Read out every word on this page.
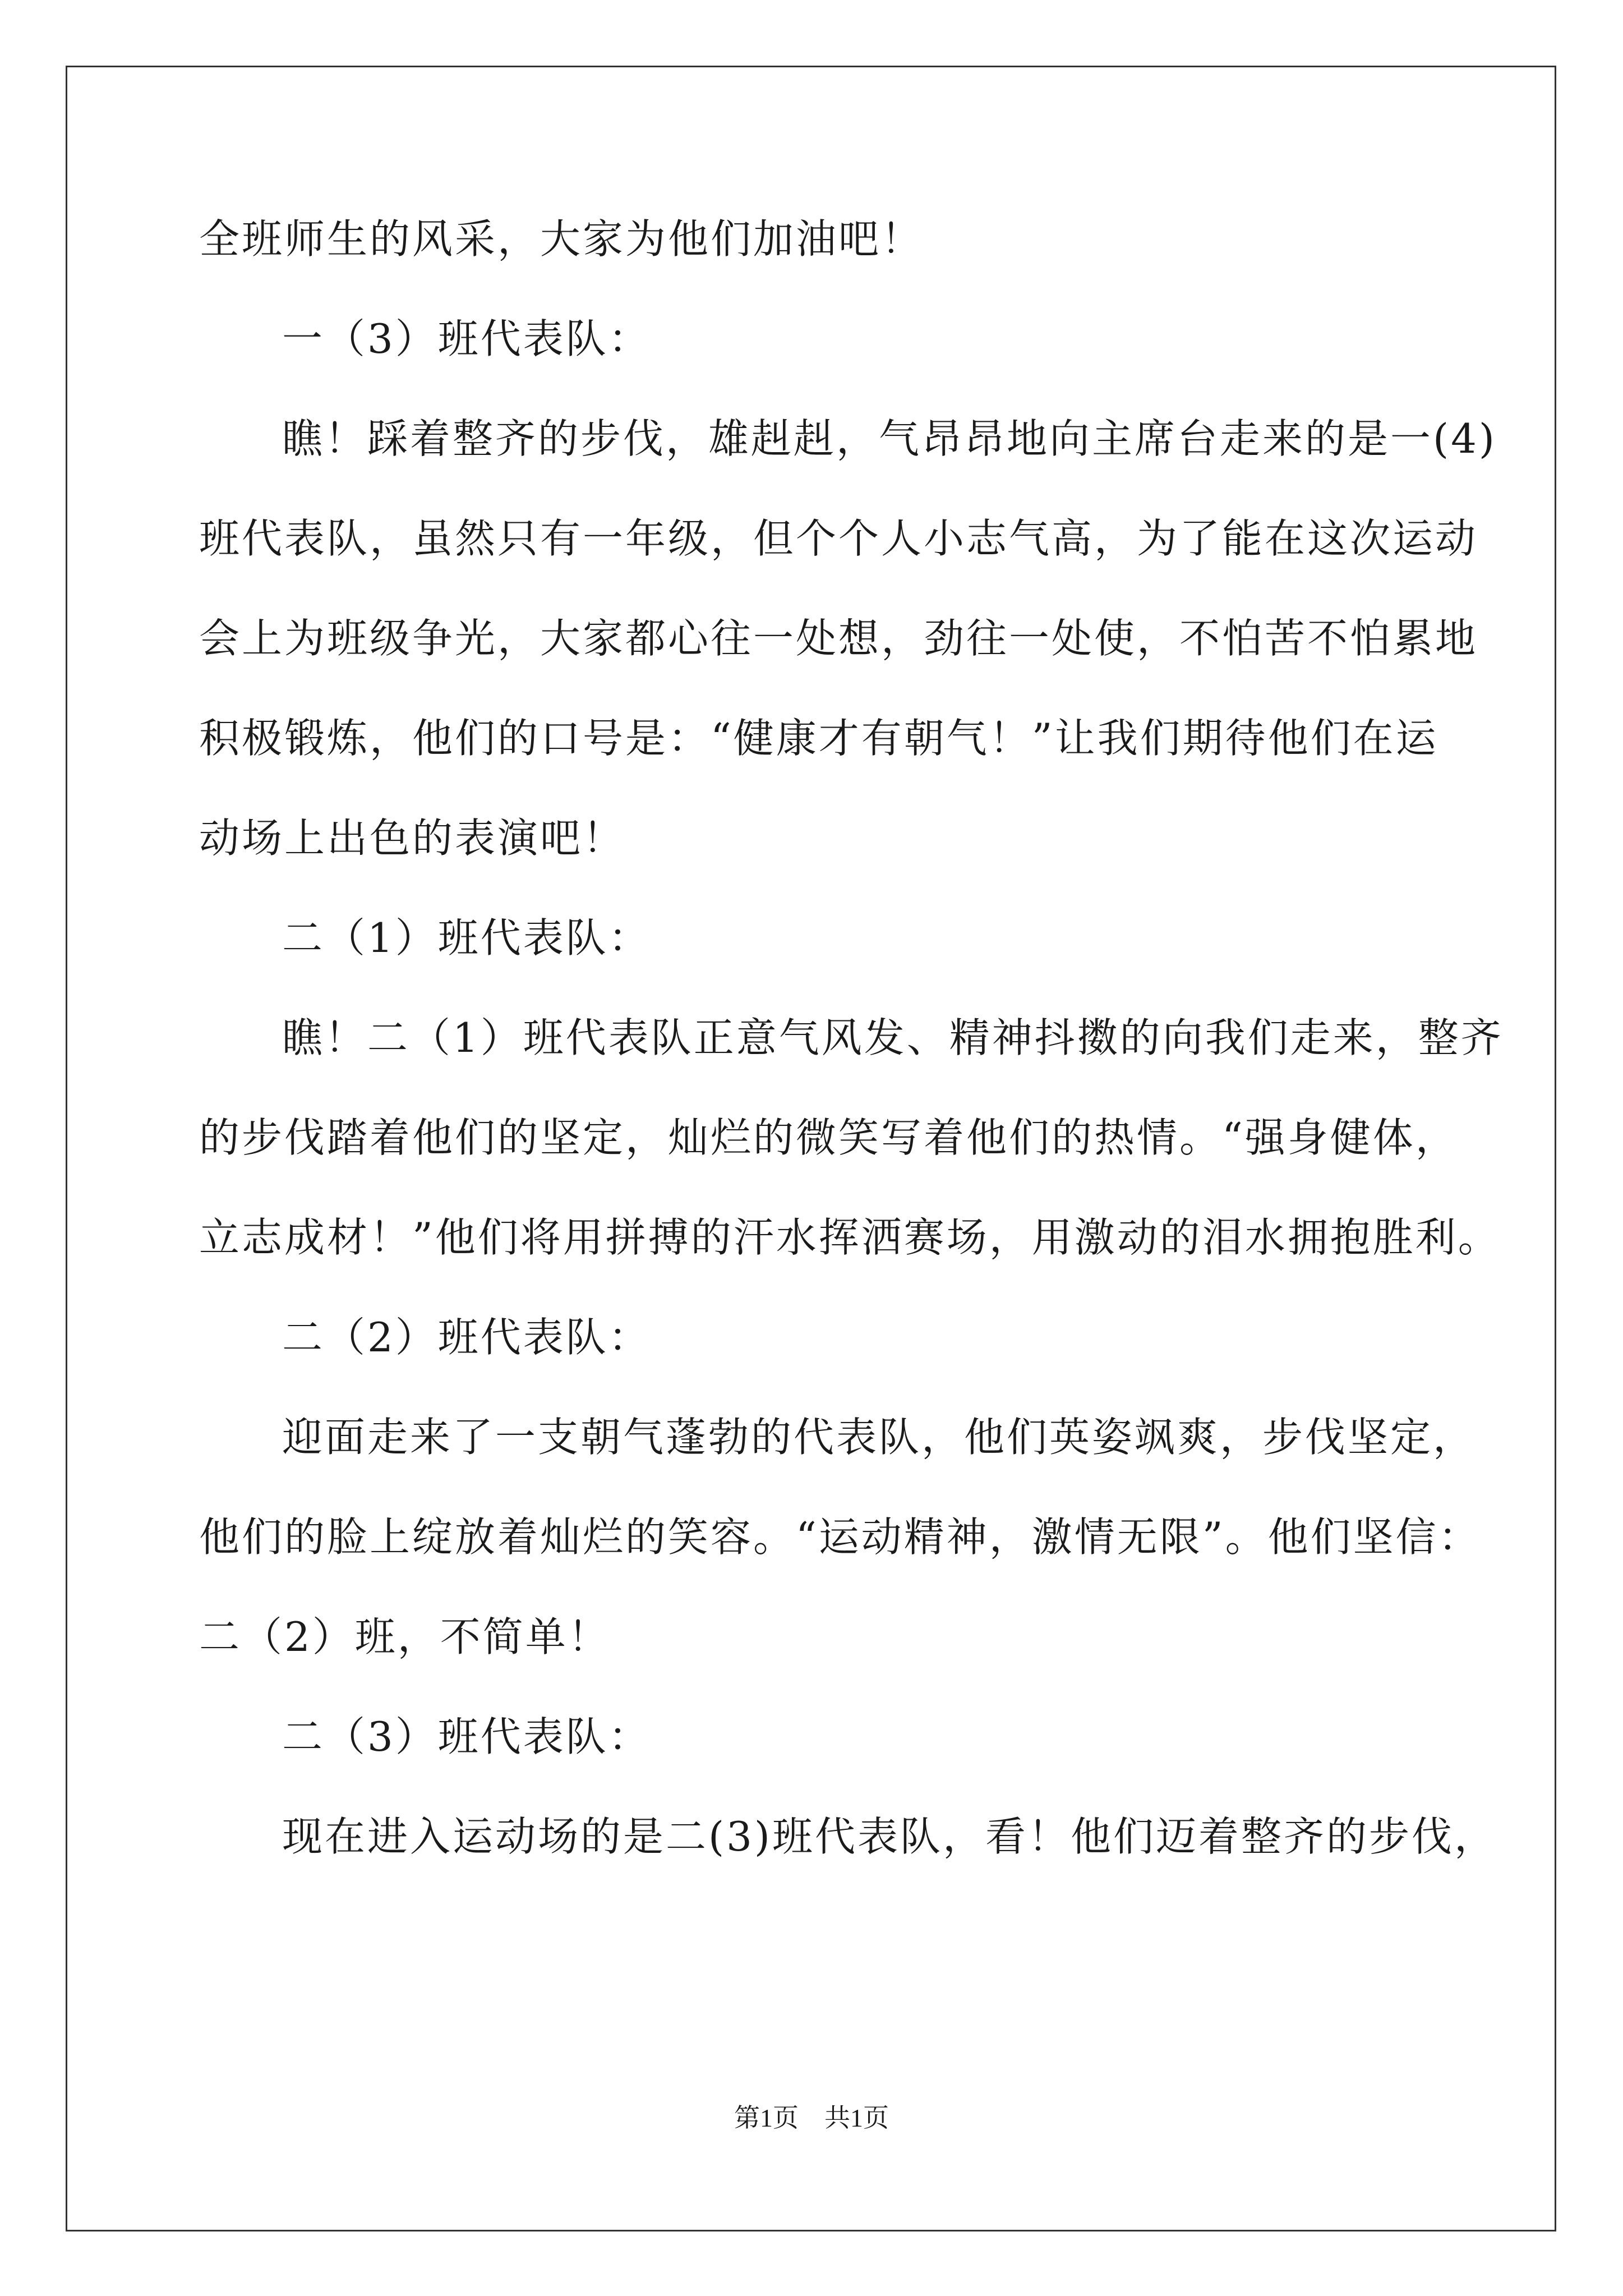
全班师生的风采，大家为他们加油吧！
一（3）班代表队：
瞧！踩着整齐的步伐，雄赳赳，气昂昂地向主席台走来的是一(4)
班代表队，虽然只有一年级，但个个人小志气高，为了能在这次运动
会上为班级争光，大家都心往一处想，劲往一处使，不怕苦不怕累地
积极锻炼，他们的口号是：“健康才有朝气！”让我们期待他们在运
动场上出色的表演吧！
二（1）班代表队：
瞧！二（1）班代表队正意气风发、精神抖擞的向我们走来，整齐
的步伐踏着他们的坚定，灿烂的微笑写着他们的热情。“强身健体，
立志成材！”他们将用拼搏的汗水挥洒赛场，用激动的泪水拥抱胜利。
二（2）班代表队：
迎面走来了一支朝气蓬勃的代表队，他们英姿飒爽，步伐坚定，
他们的脸上绽放着灿烂的笑容。“运动精神，激情无限”。他们坚信：
二（2）班，不简单！
二（3）班代表队：
现在进入运动场的是二(3)班代表队，看！他们迈着整齐的步伐，
第1页　共1页
